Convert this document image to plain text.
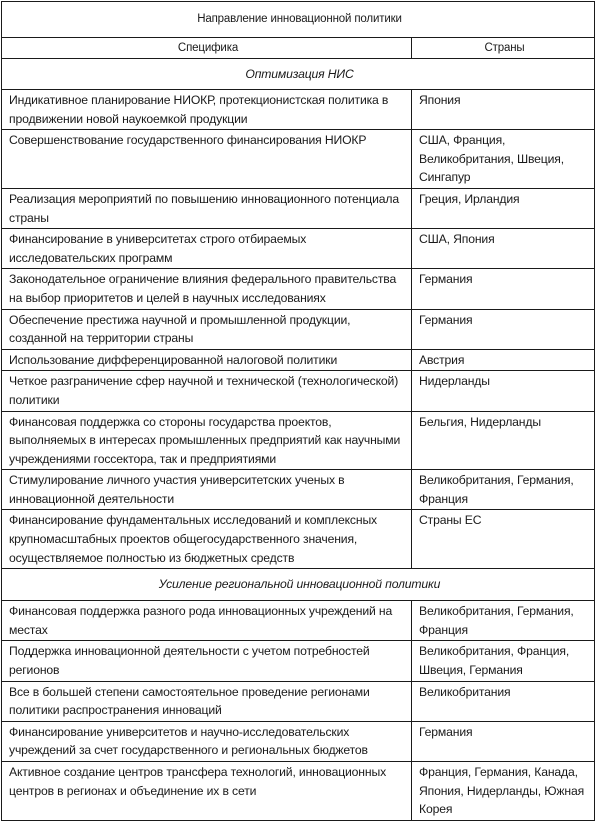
Направление инновационной политики	
Специфика	Страны
Оптимизация НИС	

Индикативное планирование НИОКР, протекционистская политика в продвижении новой наукоемкой продукции	Япония

Совершенствование государственного финансирования НИОКР	США, Франция, Великобритания, Швеция, Сингапур

Реализация мероприятий по повышению инновационного потенциала страны	Греция, Ирландия

Финансирование в университетах строго отбираемых исследовательских программ	США, Япония

Законодательное ограничение влияния федерального правительства на выбор приоритетов и целей в научных исследованиях	Германия

Обеспечение престижа научной и промышленной продукции, созданной на территории страны	Германия

Использование дифференцированной налоговой политики	Австрия

Четкое разграничение сфер научной и технической (технологической) политики	Нидерланды

Финансовая поддержка со стороны государства проектов, выполняемых в интересах промышленных предприятий как научными учреждениями госсектора, так и предприятиями	Бельгия, Нидерланды

Стимулирование личного участия университетских ученых в инновационной деятельности	Великобритания, Германия, Франция

Финансирование фундаментальных исследований и комплексных крупномасштабных проектов общегосударственного значения, осуществляемое полностью из бюджетных средств	Страны ЕС

Усиление региональной инновационной политики	

Финансовая поддержка разного рода инновационных учреждений на местах	Великобритания, Германия, Франция

Поддержка инновационной деятельности с учетом потребностей регионов	Великобритания, Франция, Швеция, Германия

Все в большей степени самостоятельное проведение регионами политики распространения инноваций	Великобритания

Финансирование университетов и научно-исследовательских учреждений за счет государственного и региональных бюджетов	Германия

Активное создание центров трансфера технологий, инновационных центров в регионах и объединение их в сети	Франция, Германия, Канада, Япония, Нидерланды, Южная Корея
